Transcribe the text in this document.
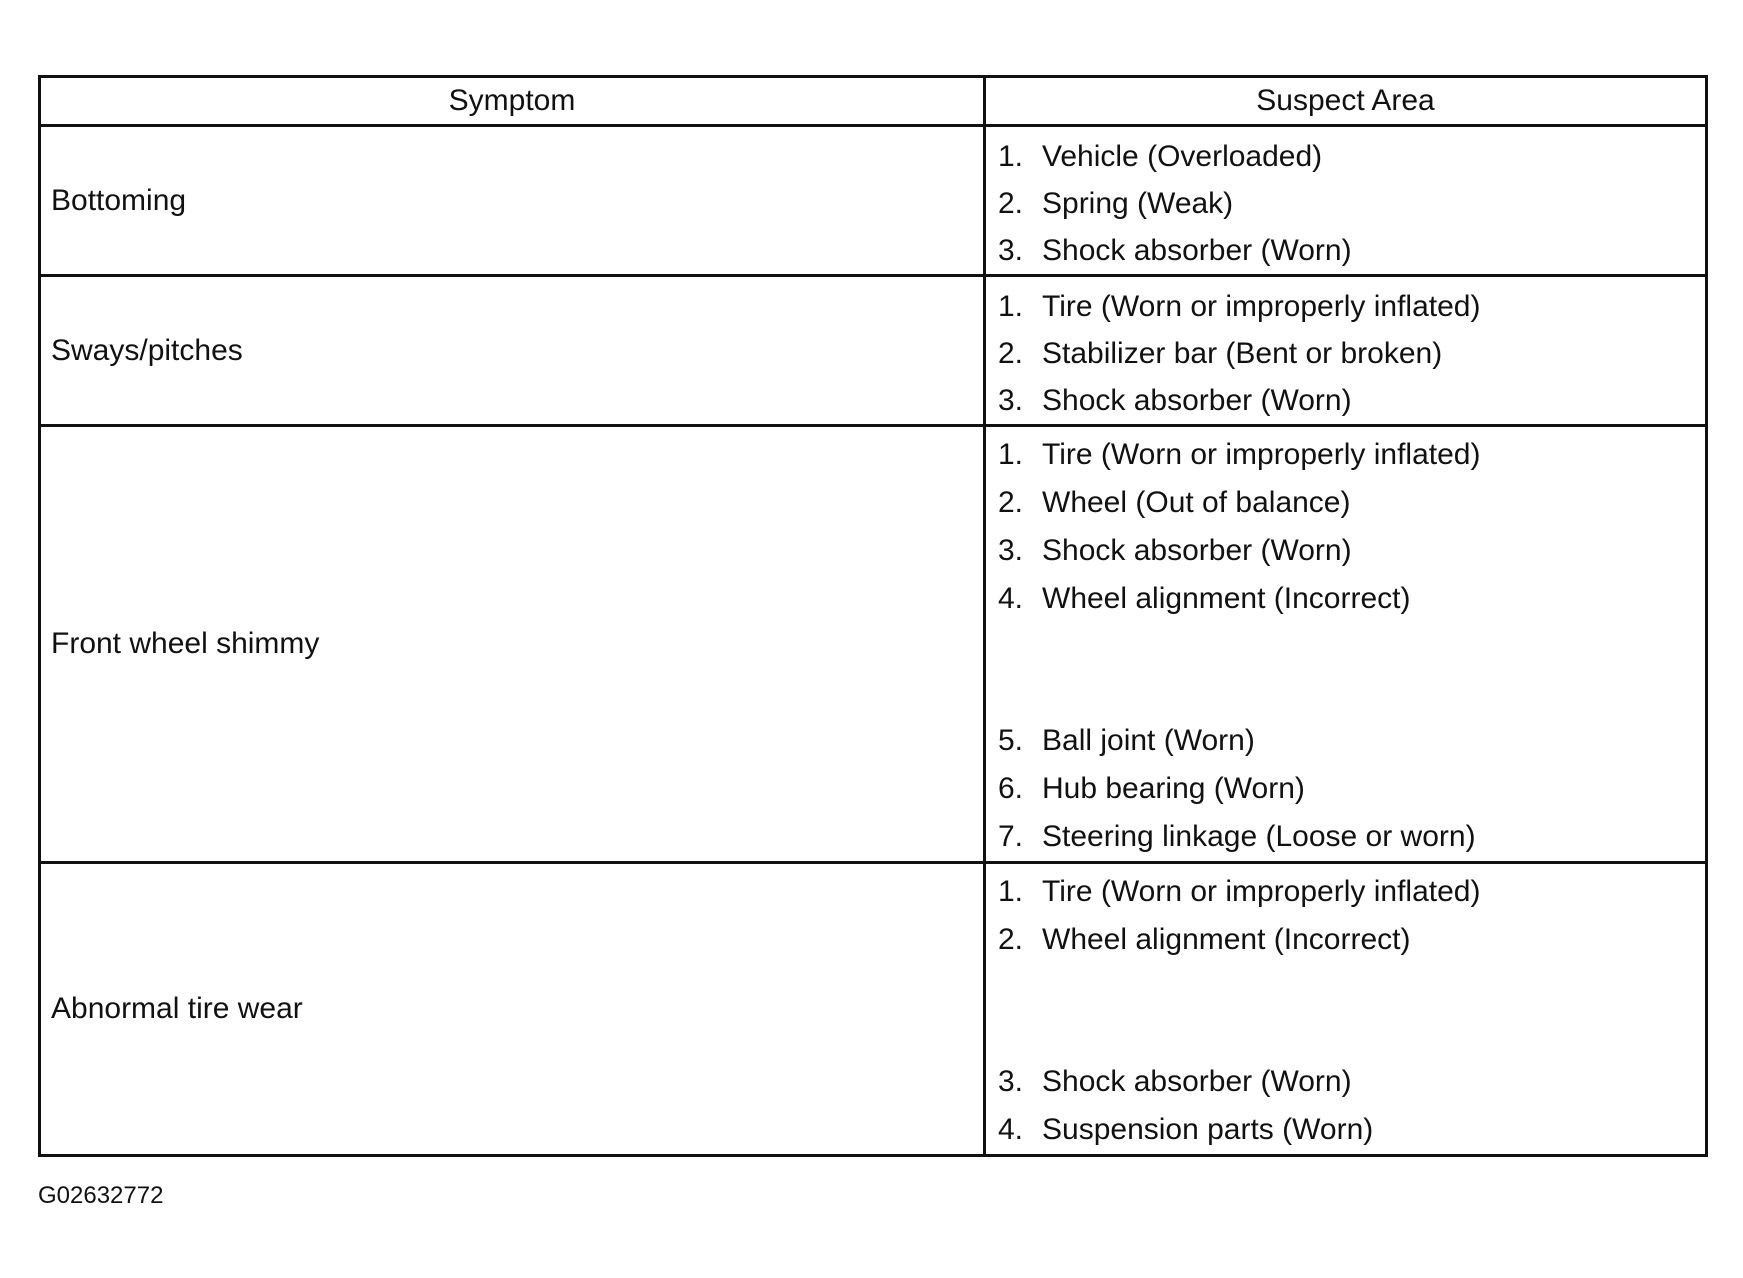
Symptom	Suspect Area
Bottoming
1. Vehicle (Overloaded)
2. Spring (Weak)
3. Shock absorber (Worn)
Sways/pitches
1. Tire (Worn or improperly inflated)
2. Stabilizer bar (Bent or broken)
3. Shock absorber (Worn)
Front wheel shimmy
1. Tire (Worn or improperly inflated)
2. Wheel (Out of balance)
3. Shock absorber (Worn)
4. Wheel alignment (Incorrect)
5. Ball joint (Worn)
6. Hub bearing (Worn)
7. Steering linkage (Loose or worn)
Abnormal tire wear
1. Tire (Worn or improperly inflated)
2. Wheel alignment (Incorrect)
3. Shock absorber (Worn)
4. Suspension parts (Worn)
G02632772
